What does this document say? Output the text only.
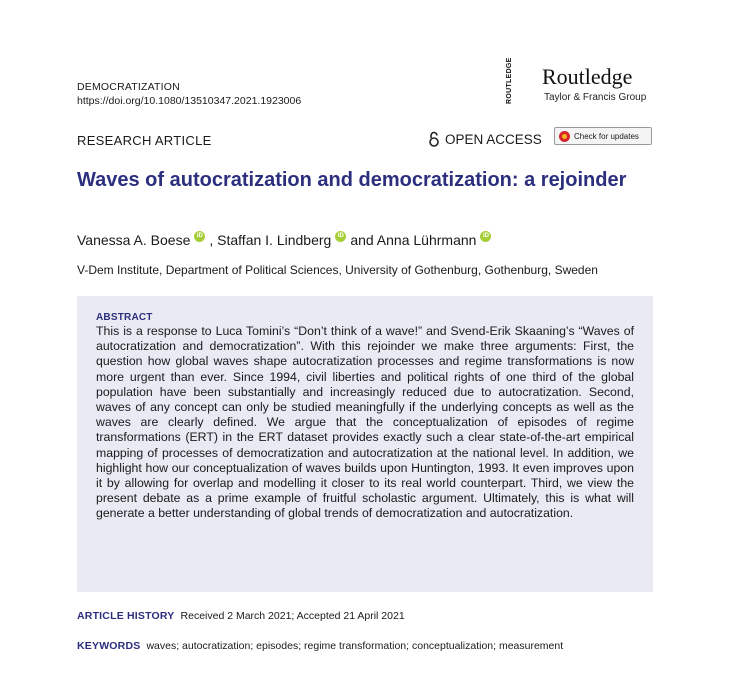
DEMOCRATIZATION
https://doi.org/10.1080/13510347.2021.1923006	ROUTLEDGE	Routledge
Taylor & Francis Group
RESEARCH ARTICLE	OPEN ACCESS	Check for updates
Waves of autocratization and democratization: a rejoinder
Vanessa A. Boese	iD , Staffan I. Lindberg	iD and Anna Lührmann	iD
V-Dem Institute, Department of Political Sciences, University of Gothenburg, Gothenburg, Sweden
ABSTRACT
This is a response to Luca Tomini’s “Don’t think of a wave!” and Svend-Erik Skaaning’s “Waves of autocratization and democratization”. With this rejoinder we make three arguments: First, the question how global waves shape autocratization processes and regime transformations is now more urgent than ever. Since 1994, civil liberties and political rights of one third of the global population have been substantially and increasingly reduced due to autocratization. Second, waves of any concept can only be studied meaningfully if the underlying concepts as well as the waves are clearly defined. We argue that the conceptualization of episodes of regime transformations (ERT) in the ERT dataset provides exactly such a clear state-of-the-art empirical mapping of processes of democratization and autocratization at the national level. In addition, we highlight how our conceptualization of waves builds upon Huntington, 1993. It even improves upon it by allowing for overlap and modelling it closer to its real world counterpart. Third, we view the present debate as a prime example of fruitful scholastic argument. Ultimately, this is what will generate a better understanding of global trends of democratization and autocratization.
ARTICLE HISTORY Received 2 March 2021; Accepted 21 April 2021
KEYWORDS waves; autocratization; episodes; regime transformation; conceptualization; measurement
